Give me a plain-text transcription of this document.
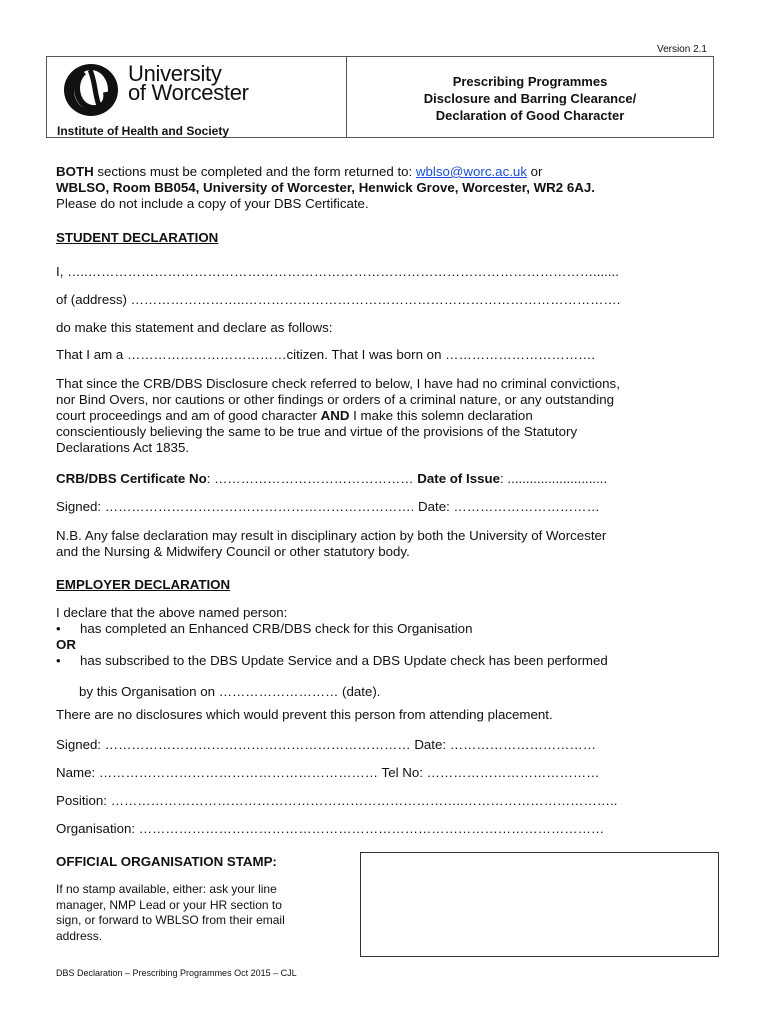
Version 2.1
University
of Worcester
Institute of Health and Society
Prescribing Programmes
Disclosure and Barring Clearance/
Declaration of Good Character
BOTH sections must be completed and the form returned to: wblso@worc.ac.uk or
WBLSO, Room BB054, University of Worcester, Henwick Grove, Worcester, WR2 6AJ.
Please do not include a copy of your DBS Certificate.
STUDENT DECLARATION
I, …..…………………………………………………………………………………………………….......
of (address) ……………………..………………………………………………………………………….
do make this statement and declare as follows:
That I am a ………………………………citizen. That I was born on …………………………….
That since the CRB/DBS Disclosure check referred to below, I have had no criminal convictions,
nor Bind Overs, nor cautions or other findings or orders of a criminal nature, or any outstanding
court proceedings and am of good character AND I make this solemn declaration
conscientiously believing the same to be true and virtue of the provisions of the Statutory
Declarations Act 1835.
CRB/DBS Certificate No: ……………………………………… Date of Issue: ...........................
Signed: ……………………………………………………………. Date: ……………………………
N.B. Any false declaration may result in disciplinary action by both the University of Worcester
and the Nursing & Midwifery Council or other statutory body.
EMPLOYER DECLARATION
I declare that the above named person:
• has completed an Enhanced CRB/DBS check for this Organisation
OR
• has subscribed to the DBS Update Service and a DBS Update check has been performed
by this Organisation on ……………………… (date).
There are no disclosures which would prevent this person from attending placement.
Signed: …………………………………………………………… Date: ……………………………
Name: ……………………………………………………… Tel No: …………………………………
Position: ……………………………………………………………………..……………………………..
Organisation: ……………………………………………………………………………………………
OFFICIAL ORGANISATION STAMP:
If no stamp available, either: ask your line
manager, NMP Lead or your HR section to
sign, or forward to WBLSO from their email
address.
DBS Declaration – Prescribing Programmes Oct 2015 – CJL
